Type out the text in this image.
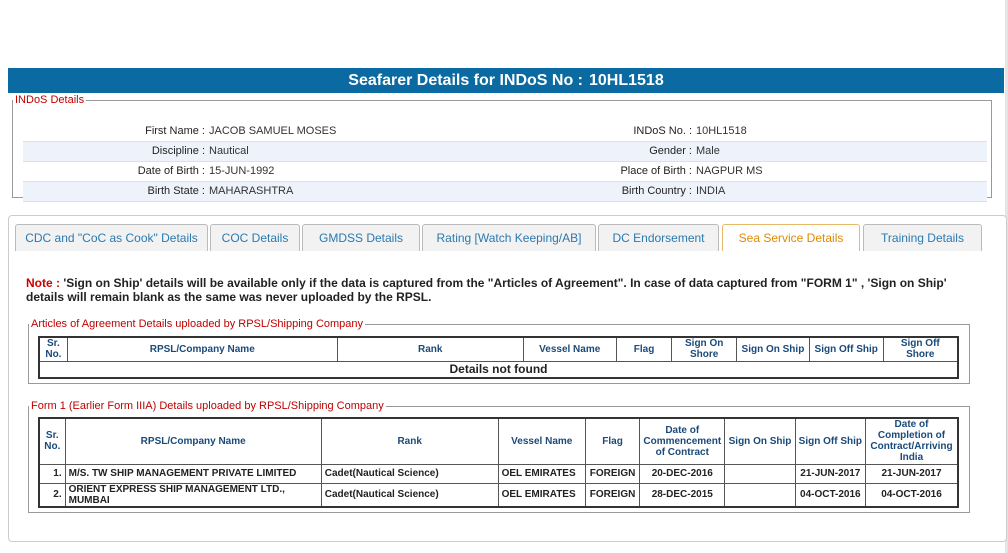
Seafarer Details for INDoS No : 10HL1518
INDoS Details
First Name : JACOB SAMUEL MOSES	INDoS No. : 10HL1518
Discipline : Nautical	Gender : Male
Date of Birth : 15-JUN-1992	Place of Birth : NAGPUR MS
Birth State : MAHARASHTRA	Birth Country : INDIA
CDC and "CoC as Cook" Details	COC Details	GMDSS Details	Rating [Watch Keeping/AB]	DC Endorsement	Sea Service Details	Training Details
Note : 'Sign on Ship' details will be available only if the data is captured from the "Articles of Agreement". In case of data captured from "FORM 1" , 'Sign on Ship' details will remain blank as the same was never uploaded by the RPSL.
Articles of Agreement Details uploaded by RPSL/Shipping Company
Sr. No.	RPSL/Company Name	Rank	Vessel Name	Flag	Sign On Shore	Sign On Ship	Sign Off Ship	Sign Off Shore
Details not found
Form 1 (Earlier Form IIIA) Details uploaded by RPSL/Shipping Company
Sr. No.	RPSL/Company Name	Rank	Vessel Name	Flag	Date of Commencement of Contract	Sign On Ship	Sign Off Ship	Date of Completion of Contract/Arriving India
1.	M/S. TW SHIP MANAGEMENT PRIVATE LIMITED	Cadet(Nautical Science)	OEL EMIRATES	FOREIGN	20-DEC-2016		21-JUN-2017	21-JUN-2017
2.	ORIENT EXPRESS SHIP MANAGEMENT LTD., MUMBAI	Cadet(Nautical Science)	OEL EMIRATES	FOREIGN	28-DEC-2015		04-OCT-2016	04-OCT-2016
